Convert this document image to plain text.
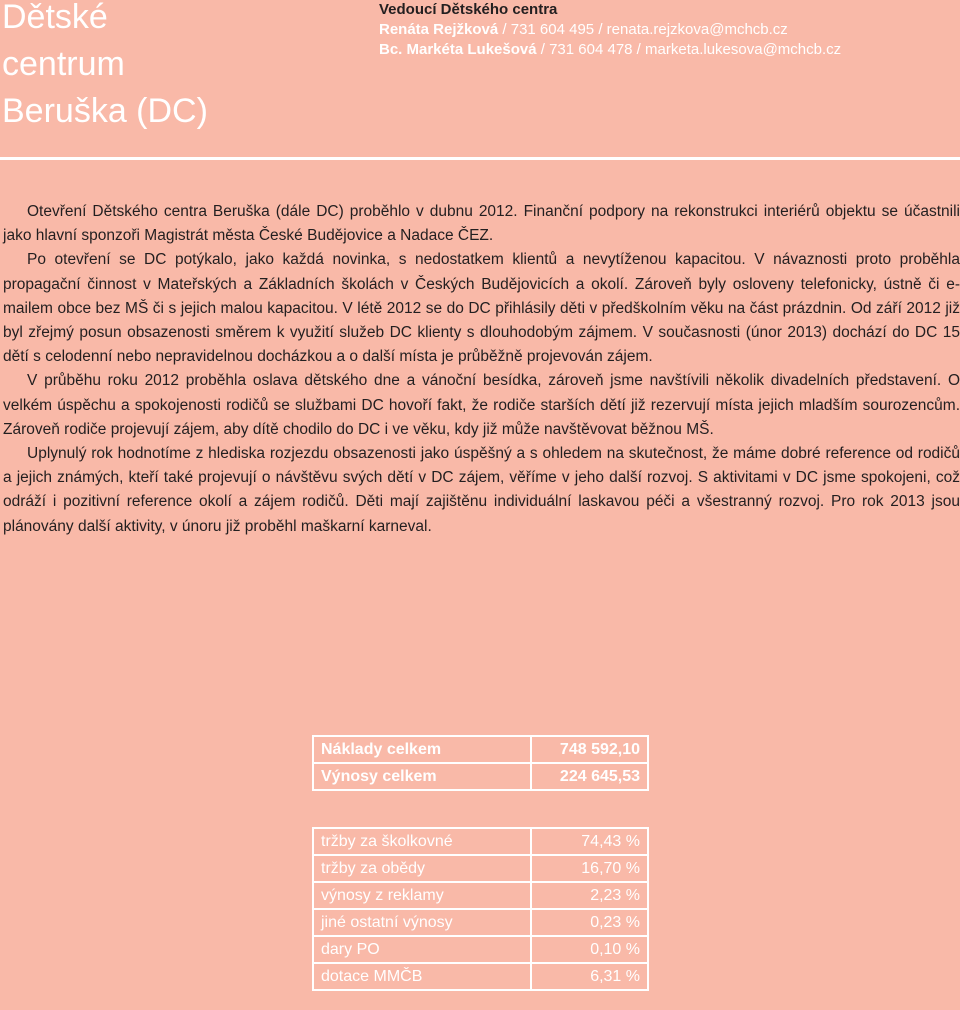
Dětské
centrum
Beruška (DC)
Vedoucí Dětského centra
Renáta Rejžková / 731 604 495 / renata.rejzkova@mchcb.cz
Bc. Markéta Lukešová / 731 604 478 / marketa.lukesova@mchcb.cz

Otevření Dětského centra Beruška (dále DC) proběhlo v dubnu 2012. Finanční podpory na rekonstrukci interiérů objektu se účastnili jako hlavní sponzoři Magistrát města České Budějovice a Nadace ČEZ.

Po otevření se DC potýkalo, jako každá novinka, s nedostatkem klientů a nevytíženou kapacitou. V návaznosti proto proběhla propagační činnost v Mateřských a Základních školách v Českých Budějovicích a okolí. Zároveň byly osloveny telefonicky, ústně či e-mailem obce bez MŠ či s jejich malou kapacitou. V létě 2012 se do DC přihlásily děti v předškolním věku na část prázdnin. Od září 2012 již byl zřejmý posun obsazenosti směrem k využití služeb DC klienty s dlouhodobým zájmem. V současnosti (únor 2013) dochází do DC 15 dětí s celodenní nebo nepravidelnou docházkou a o další místa je průběžně projevován zájem.

V průběhu roku 2012 proběhla oslava dětského dne a vánoční besídka, zároveň jsme navštívili několik divadelních představení. O velkém úspěchu a spokojenosti rodičů se službami DC hovoří fakt, že rodiče starších dětí již rezervují místa jejich mladším sourozencům. Zároveň rodiče projevují zájem, aby dítě chodilo do DC i ve věku, kdy již může navštěvovat běžnou MŠ.

Uplynulý rok hodnotíme z hlediska rozjezdu obsazenosti jako úspěšný a s ohledem na skutečnost, že máme dobré reference od rodičů a jejich známých, kteří také projevují o návštěvu svých dětí v DC zájem, věříme v jeho další rozvoj. S aktivitami v DC jsme spokojeni, což odráží i pozitivní reference okolí a zájem rodičů. Děti mají zajištěnu individuální laskavou péči a všestranný rozvoj. Pro rok 2013 jsou plánovány další aktivity, v únoru již proběhl maškarní karneval.

Náklady celkem	748 592,10
Výnosy celkem	224 645,53
tržby za školkovné	74,43 %
tržby za obědy	16,70 %
výnosy z reklamy	2,23 %
jiné ostatní výnosy	0,23 %
dary PO	0,10 %
dotace MMČB	6,31 %
